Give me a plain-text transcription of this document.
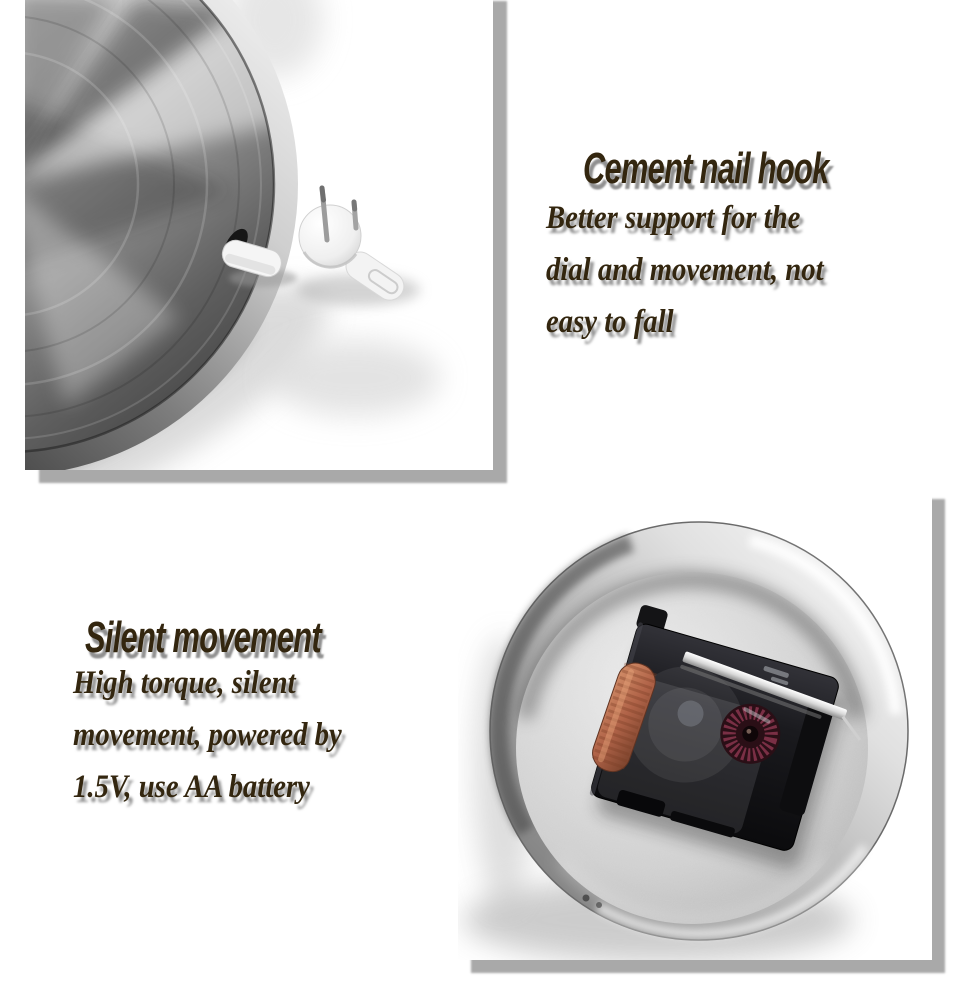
Cement nail hook
Better support for the
dial and movement, not
easy to fall
Silent movement
High torque, silent
movement, powered by
1.5V, use AA battery
